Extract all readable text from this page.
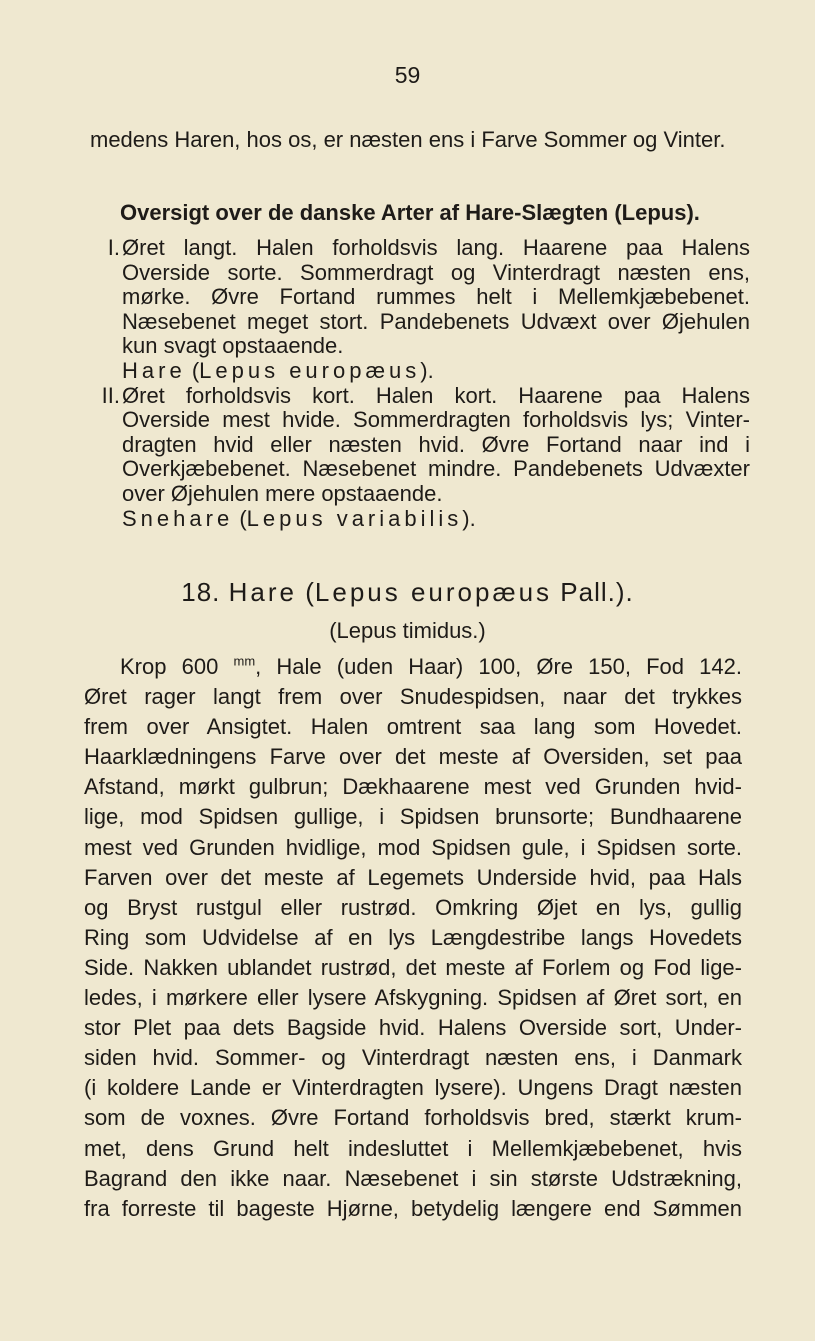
59
medens Haren, hos os, er næsten ens i Farve Sommer og Vinter.
Oversigt over de danske Arter af Hare-Slægten (Lepus).
I. Øret langt. Halen forholdsvis lang. Haarene paa Halens
Overside sorte. Sommerdragt og Vinterdragt næsten ens,
mørke. Øvre Fortand rummes helt i Mellemkjæbebenet.
Næsebenet meget stort. Pandebenets Udvæxt over Øjehulen
kun svagt opstaaende.
Hare (Lepus europæus).
II. Øret forholdsvis kort. Halen kort. Haarene paa Halens
Overside mest hvide. Sommerdragten forholdsvis lys; Vinter-
dragten hvid eller næsten hvid. Øvre Fortand naar ind i
Overkjæbebenet. Næsebenet mindre. Pandebenets Udvæxter
over Øjehulen mere opstaaende.
Snehare (Lepus variabilis).
18. Hare (Lepus europæus Pall.).
(Lepus timidus.)
Krop 600 $^{mm}$, Hale (uden Haar) 100, Øre 150, Fod 142.
Øret rager langt frem over Snudespidsen, naar det trykkes
frem over Ansigtet. Halen omtrent saa lang som Hovedet.
Haarklædningens Farve over det meste af Oversiden, set paa
Afstand, mørkt gulbrun; Dækhaarene mest ved Grunden hvid-
lige, mod Spidsen gullige, i Spidsen brunsorte; Bundhaarene
mest ved Grunden hvidlige, mod Spidsen gule, i Spidsen sorte.
Farven over det meste af Legemets Underside hvid, paa Hals
og Bryst rustgul eller rustrød. Omkring Øjet en lys, gullig
Ring som Udvidelse af en lys Længdestribe langs Hovedets
Side. Nakken ublandet rustrød, det meste af Forlem og Fod lige-
ledes, i mørkere eller lysere Afskygning. Spidsen af Øret sort, en
stor Plet paa dets Bagside hvid. Halens Overside sort, Under-
siden hvid. Sommer- og Vinterdragt næsten ens, i Danmark
(i koldere Lande er Vinterdragten lysere). Ungens Dragt næsten
som de voxnes. Øvre Fortand forholdsvis bred, stærkt krum-
met, dens Grund helt indesluttet i Mellemkjæbebenet, hvis
Bagrand den ikke naar. Næsebenet i sin største Udstrækning,
fra forreste til bageste Hjørne, betydelig længere end Sømmen
